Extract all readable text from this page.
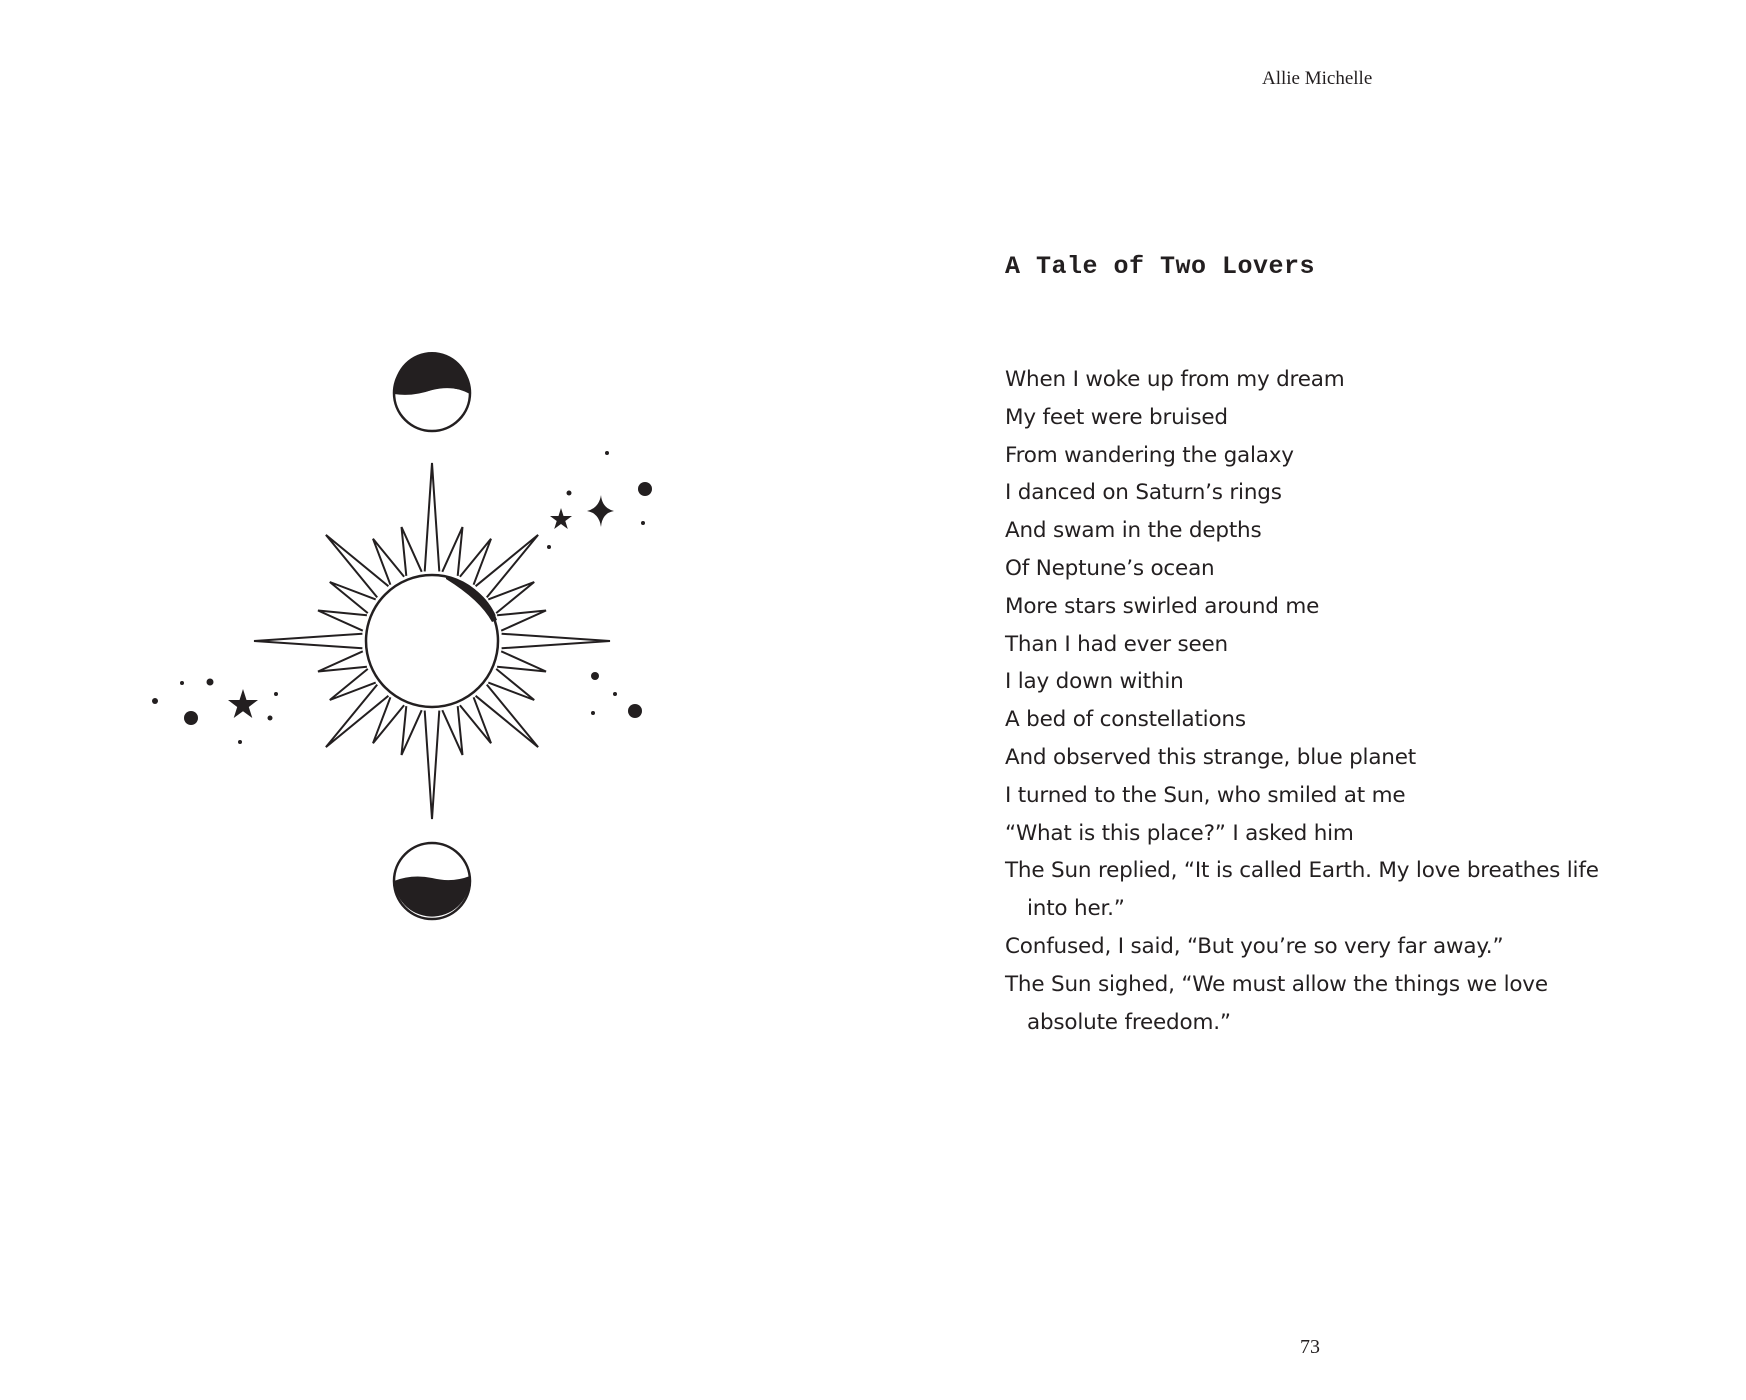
Allie Michelle
A Tale of Two Lovers
When I woke up from my dream
My feet were bruised
From wandering the galaxy
I danced on Saturn’s rings
And swam in the depths
Of Neptune’s ocean
More stars swirled around me
Than I had ever seen
I lay down within
A bed of constellations
And observed this strange, blue planet
I turned to the Sun, who smiled at me
“What is this place?” I asked him
The Sun replied, “It is called Earth. My love breathes life into her.”
Confused, I said, “But you’re so very far away.”
The Sun sighed, “We must allow the things we love absolute freedom.”
73
